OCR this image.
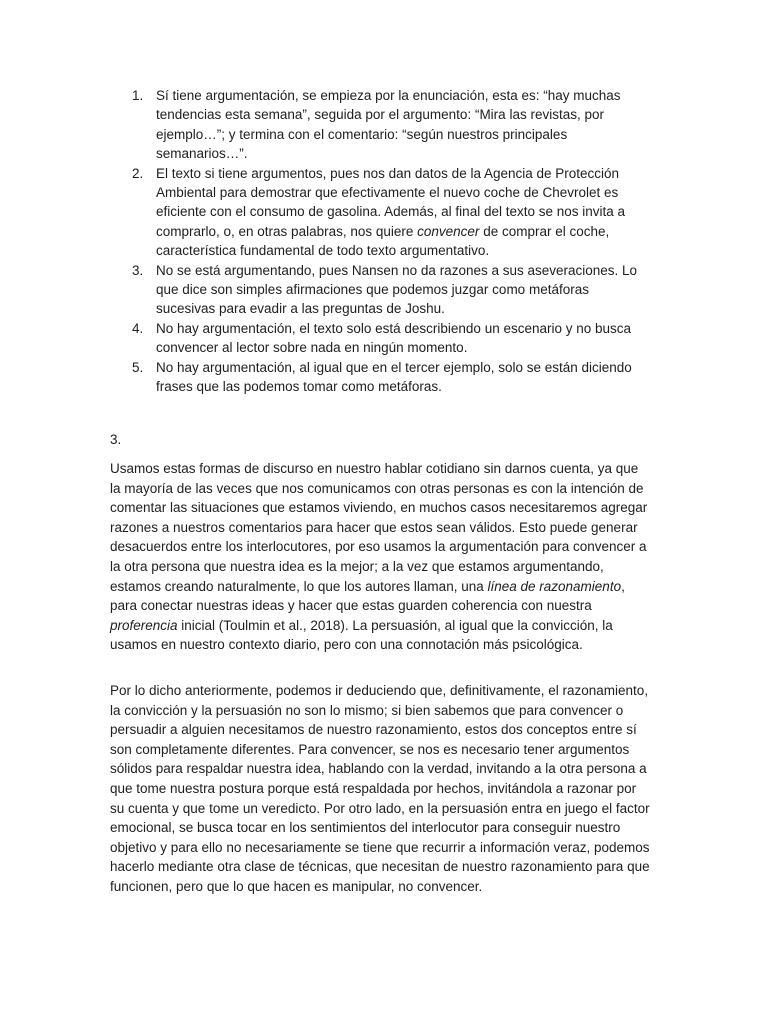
1. Sí tiene argumentación, se empieza por la enunciación, esta es: “hay muchas tendencias esta semana”, seguida por el argumento: “Mira las revistas, por ejemplo…”; y termina con el comentario: “según nuestros principales semanarios…”.
2. El texto si tiene argumentos, pues nos dan datos de la Agencia de Protección Ambiental para demostrar que efectivamente el nuevo coche de Chevrolet es eficiente con el consumo de gasolina. Además, al final del texto se nos invita a comprarlo, o, en otras palabras, nos quiere convencer de comprar el coche, característica fundamental de todo texto argumentativo.
3. No se está argumentando, pues Nansen no da razones a sus aseveraciones. Lo que dice son simples afirmaciones que podemos juzgar como metáforas sucesivas para evadir a las preguntas de Joshu.
4. No hay argumentación, el texto solo está describiendo un escenario y no busca convencer al lector sobre nada en ningún momento.
5. No hay argumentación, al igual que en el tercer ejemplo, solo se están diciendo frases que las podemos tomar como metáforas.

3.

Usamos estas formas de discurso en nuestro hablar cotidiano sin darnos cuenta, ya que la mayoría de las veces que nos comunicamos con otras personas es con la intención de comentar las situaciones que estamos viviendo, en muchos casos necesitaremos agregar razones a nuestros comentarios para hacer que estos sean válidos. Esto puede generar desacuerdos entre los interlocutores, por eso usamos la argumentación para convencer a la otra persona que nuestra idea es la mejor; a la vez que estamos argumentando, estamos creando naturalmente, lo que los autores llaman, una línea de razonamiento, para conectar nuestras ideas y hacer que estas guarden coherencia con nuestra proferencia inicial (Toulmin et al., 2018). La persuasión, al igual que la convicción, la usamos en nuestro contexto diario, pero con una connotación más psicológica.

Por lo dicho anteriormente, podemos ir deduciendo que, definitivamente, el razonamiento, la convicción y la persuasión no son lo mismo; si bien sabemos que para convencer o persuadir a alguien necesitamos de nuestro razonamiento, estos dos conceptos entre sí son completamente diferentes. Para convencer, se nos es necesario tener argumentos sólidos para respaldar nuestra idea, hablando con la verdad, invitando a la otra persona a que tome nuestra postura porque está respaldada por hechos, invitándola a razonar por su cuenta y que tome un veredicto. Por otro lado, en la persuasión entra en juego el factor emocional, se busca tocar en los sentimientos del interlocutor para conseguir nuestro objetivo y para ello no necesariamente se tiene que recurrir a información veraz, podemos hacerlo mediante otra clase de técnicas, que necesitan de nuestro razonamiento para que funcionen, pero que lo que hacen es manipular, no convencer.
